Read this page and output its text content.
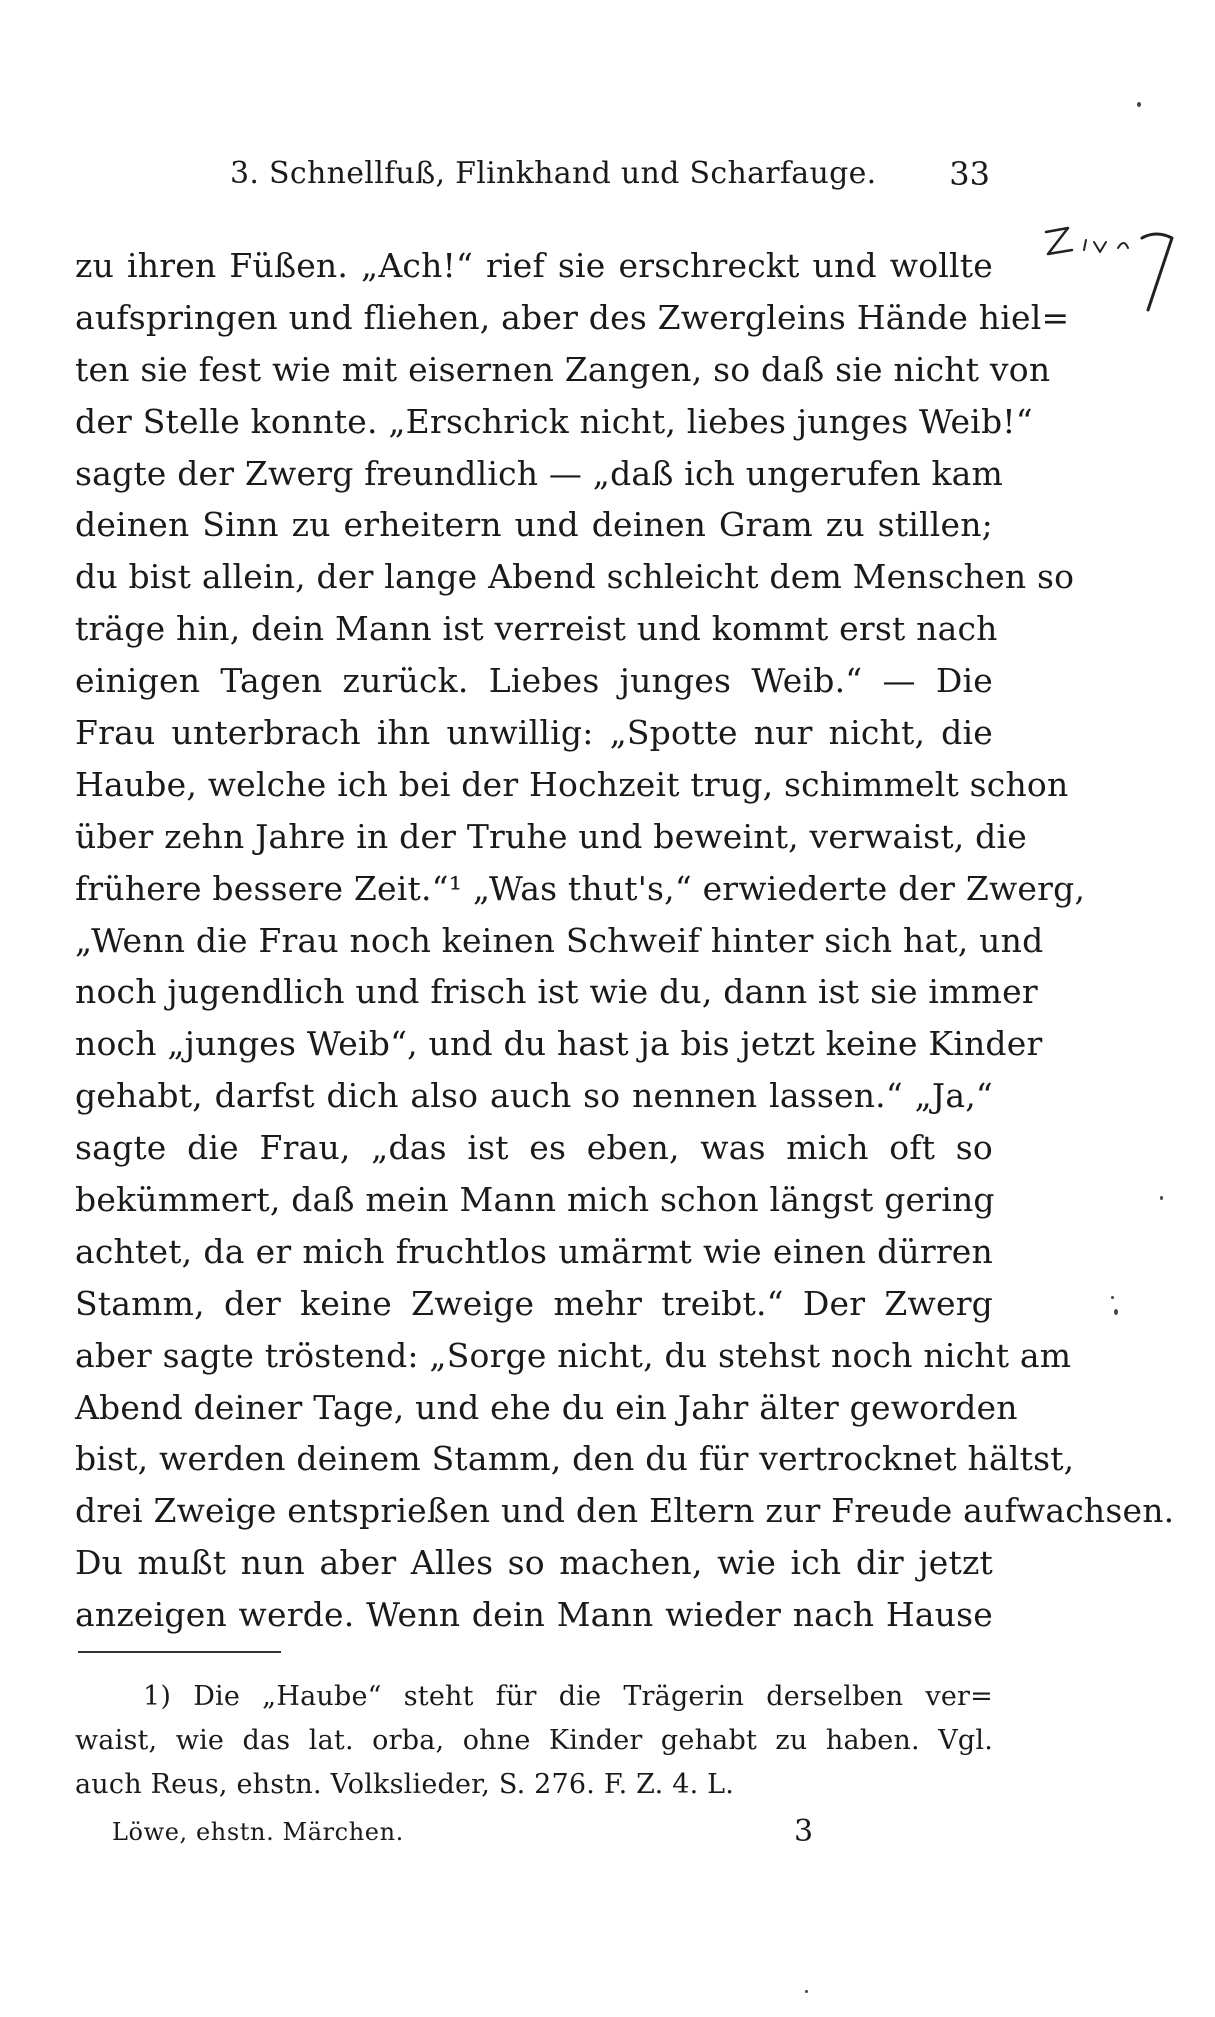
3. Schnellfuß, Flinkhand und Scharfauge. 33
zu ihren Füßen. „Ach!“ rief sie erschreckt und wollte
aufspringen und fliehen, aber des Zwergleins Hände hiel=
ten sie fest wie mit eisernen Zangen, so daß sie nicht von
der Stelle konnte. „Erschrick nicht, liebes junges Weib!“
sagte der Zwerg freundlich — „daß ich ungerufen kam
deinen Sinn zu erheitern und deinen Gram zu stillen;
du bist allein, der lange Abend schleicht dem Menschen so
träge hin, dein Mann ist verreist und kommt erst nach
einigen Tagen zurück. Liebes junges Weib.“ — Die
Frau unterbrach ihn unwillig: „Spotte nur nicht, die
Haube, welche ich bei der Hochzeit trug, schimmelt schon
über zehn Jahre in der Truhe und beweint, verwaist, die
frühere bessere Zeit.“¹ „Was thut's,“ erwiederte der Zwerg,
„Wenn die Frau noch keinen Schweif hinter sich hat, und
noch jugendlich und frisch ist wie du, dann ist sie immer
noch „junges Weib“, und du hast ja bis jetzt keine Kinder
gehabt, darfst dich also auch so nennen lassen.“ „Ja,“
sagte die Frau, „das ist es eben, was mich oft so
bekümmert, daß mein Mann mich schon längst gering
achtet, da er mich fruchtlos umärmt wie einen dürren
Stamm, der keine Zweige mehr treibt.“ Der Zwerg
aber sagte tröstend: „Sorge nicht, du stehst noch nicht am
Abend deiner Tage, und ehe du ein Jahr älter geworden
bist, werden deinem Stamm, den du für vertrocknet hältst,
drei Zweige entsprießen und den Eltern zur Freude aufwachsen.
Du mußt nun aber Alles so machen, wie ich dir jetzt
anzeigen werde. Wenn dein Mann wieder nach Hause
1) Die „Haube“ steht für die Trägerin derselben ver=
waist, wie das lat. orba, ohne Kinder gehabt zu haben. Vgl.
auch Reus, ehstn. Volkslieder, S. 276. F. Z. 4. L.
Löwe, ehstn. Märchen.	3
